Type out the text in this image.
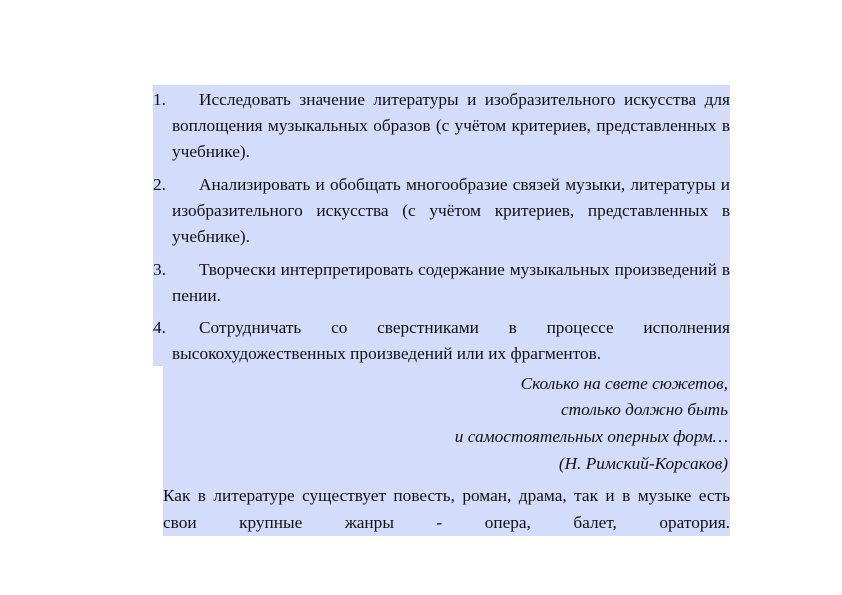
1.	Исследовать значение литературы и изобразительного искусства для воплощения музыкальных образов (с учётом критериев, представленных в учебнике).
2.	Анализировать и обобщать многообразие связей музыки, литературы и изобразительного искусства (с учётом критериев, представленных в учебнике).
3.	Творчески интерпретировать содержание музыкальных произведений в пении.
4.	Сотрудничать со сверстниками в процессе исполнения высокохудожественных произведений или их фрагментов.
Сколько на свете сюжетов,
столько должно быть
и самостоятельных оперных форм…
(Н. Римский-Корсаков)
Как в литературе существует повесть, роман, драма, так и в музыке есть свои крупные жанры - опера, балет, оратория.
